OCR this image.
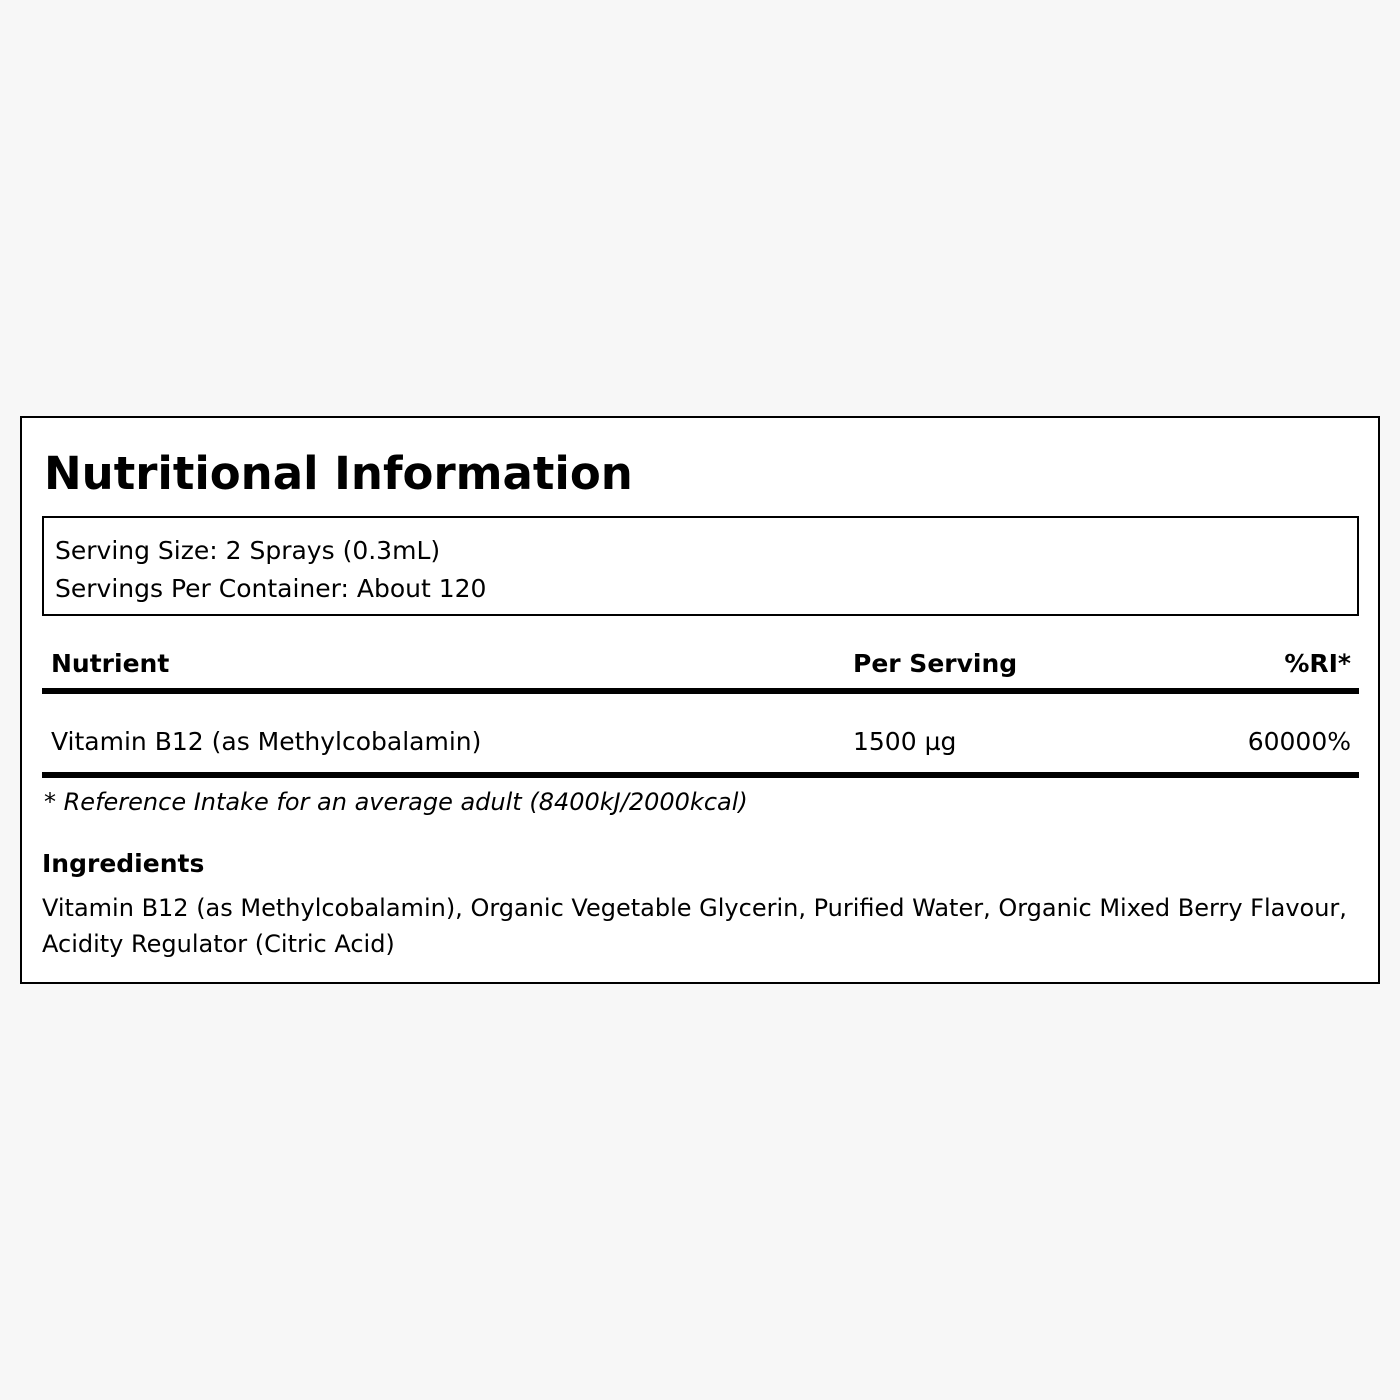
Nutritional Information
Serving Size: 2 Sprays (0.3mL)
Servings Per Container: About 120
Nutrient	Per Serving	%RI*
Vitamin B12 (as Methylcobalamin)	1500 µg	60000%
* Reference Intake for an average adult (8400kJ/2000kcal)
Ingredients
Vitamin B12 (as Methylcobalamin), Organic Vegetable Glycerin, Purified Water, Organic Mixed Berry Flavour, Acidity Regulator (Citric Acid)
